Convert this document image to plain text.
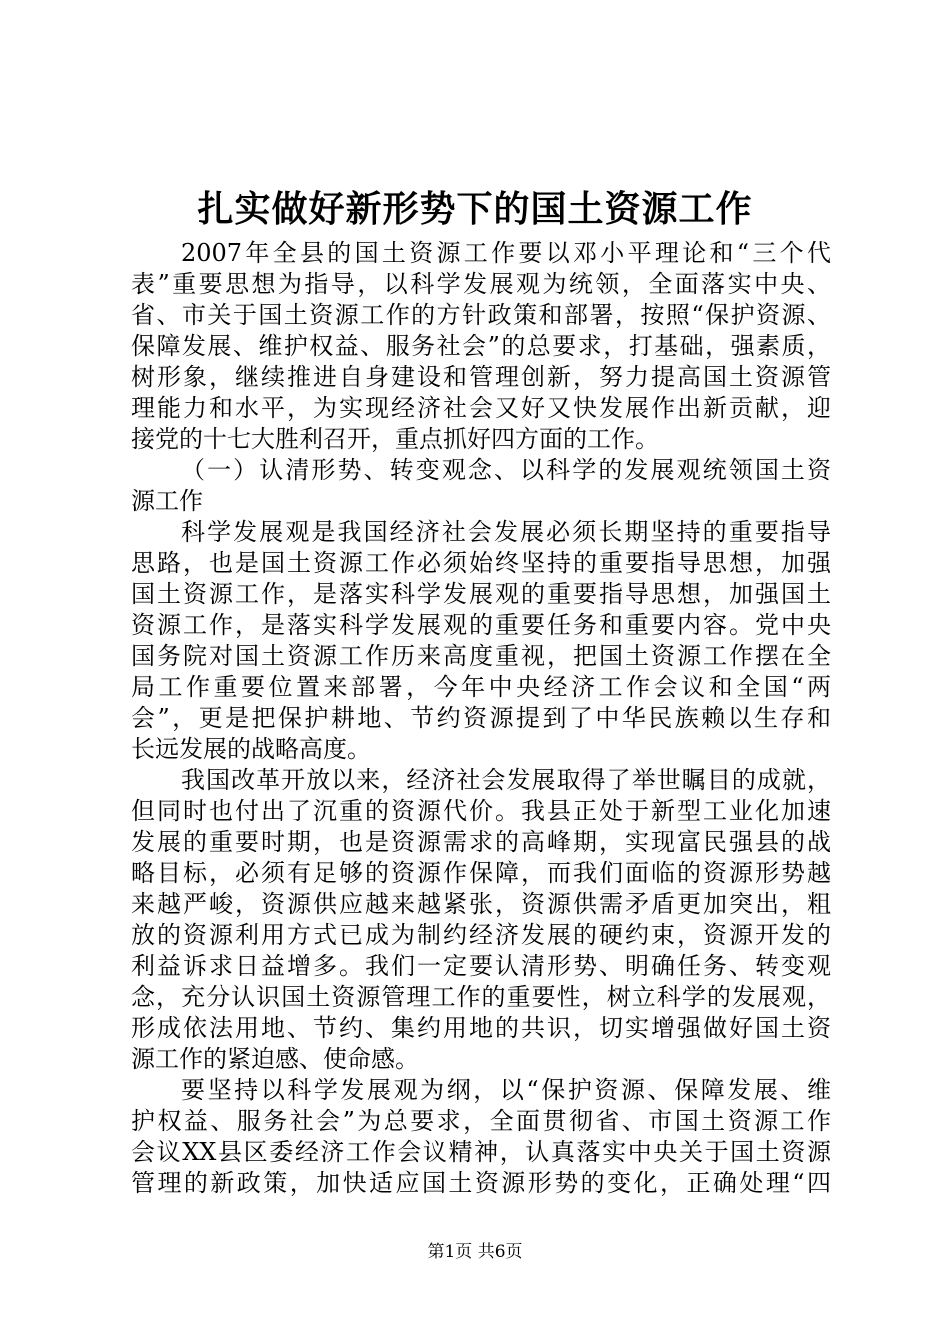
扎实做好新形势下的国土资源工作
2007年全县的国土资源工作要以邓小平理论和“三个代
表”重要思想为指导，以科学发展观为统领，全面落实中央、
省、市关于国土资源工作的方针政策和部署，按照“保护资源、
保障发展、维护权益、服务社会”的总要求，打基础，强素质，
树形象，继续推进自身建设和管理创新，努力提高国土资源管
理能力和水平，为实现经济社会又好又快发展作出新贡献，迎
接党的十七大胜利召开，重点抓好四方面的工作。
（一）认清形势、转变观念、以科学的发展观统领国土资
源工作
科学发展观是我国经济社会发展必须长期坚持的重要指导
思路，也是国土资源工作必须始终坚持的重要指导思想，加强
国土资源工作，是落实科学发展观的重要指导思想，加强国土
资源工作，是落实科学发展观的重要任务和重要内容。党中央
国务院对国土资源工作历来高度重视，把国土资源工作摆在全
局工作重要位置来部署，今年中央经济工作会议和全国“两
会”，更是把保护耕地、节约资源提到了中华民族赖以生存和
长远发展的战略高度。
我国改革开放以来，经济社会发展取得了举世瞩目的成就，
但同时也付出了沉重的资源代价。我县正处于新型工业化加速
发展的重要时期，也是资源需求的高峰期，实现富民强县的战
略目标，必须有足够的资源作保障，而我们面临的资源形势越
来越严峻，资源供应越来越紧张，资源供需矛盾更加突出，粗
放的资源利用方式已成为制约经济发展的硬约束，资源开发的
利益诉求日益增多。我们一定要认清形势、明确任务、转变观
念，充分认识国土资源管理工作的重要性，树立科学的发展观，
形成依法用地、节约、集约用地的共识，切实增强做好国土资
源工作的紧迫感、使命感。
要坚持以科学发展观为纲，以“保护资源、保障发展、维
护权益、服务社会”为总要求，全面贯彻省、市国土资源工作
会议XX县区委经济工作会议精神，认真落实中央关于国土资源
管理的新政策，加快适应国土资源形势的变化，正确处理“四
第1页 共6页
